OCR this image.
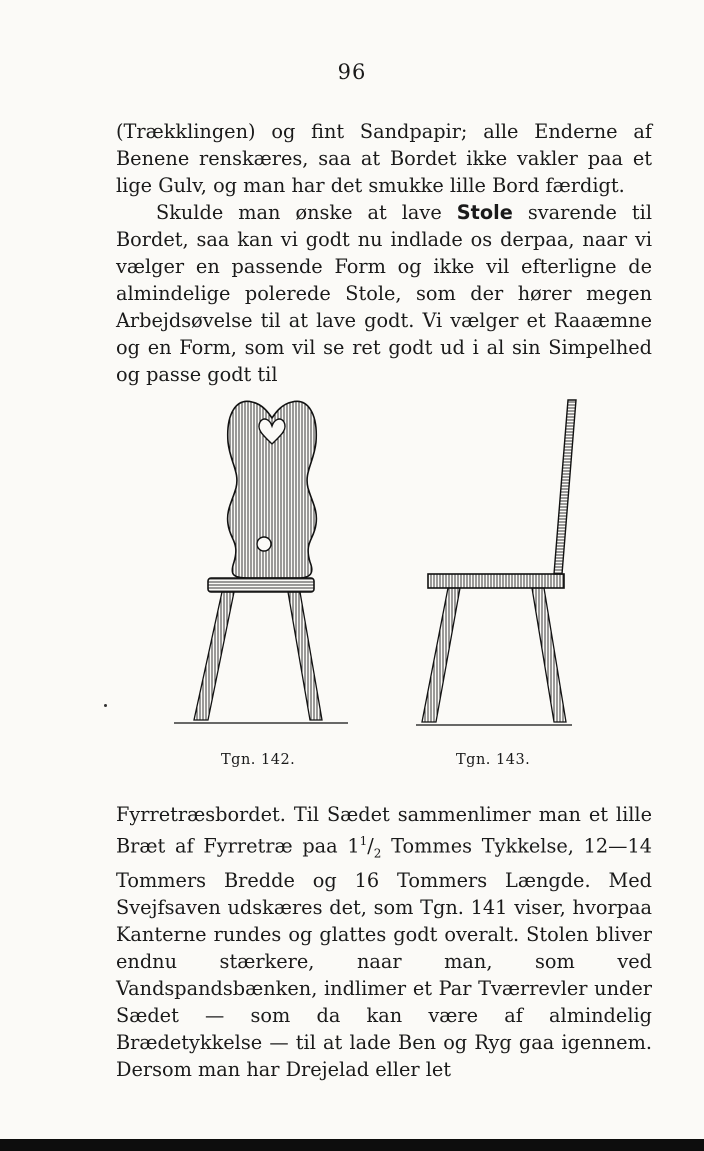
96

(Trækklingen) og fint Sandpapir; alle Enderne af Benene renskæres, saa at Bordet ikke vakler paa et lige Gulv, og man har det smukke lille Bord færdigt.

Skulde man ønske at lave Stole svarende til Bordet, saa kan vi godt nu indlade os derpaa, naar vi vælger en passende Form og ikke vil efterligne de almindelige polerede Stole, som der hører megen Arbejdsøvelse til at lave godt. Vi vælger et Raaæmne og en Form, som vil se ret godt ud i al sin Simpelhed og passe godt til

Tgn. 142.	Tgn. 143.

Fyrretræsbordet. Til Sædet sammenlimer man et lille Bræt af Fyrretræ paa $1^1/_2$ Tommes Tykkelse, 12—14 Tommers Bredde og 16 Tommers Længde. Med Svejfsaven udskæres det, som Tgn. 141 viser, hvorpaa Kanterne rundes og glattes godt overalt. Stolen bliver endnu stærkere, naar man, som ved Vandspandsbænken, indlimer et Par Tværrevler under Sædet — som da kan være af almindelig Brædetykkelse — til at lade Ben og Ryg gaa igennem. Dersom man har Drejelad eller let
